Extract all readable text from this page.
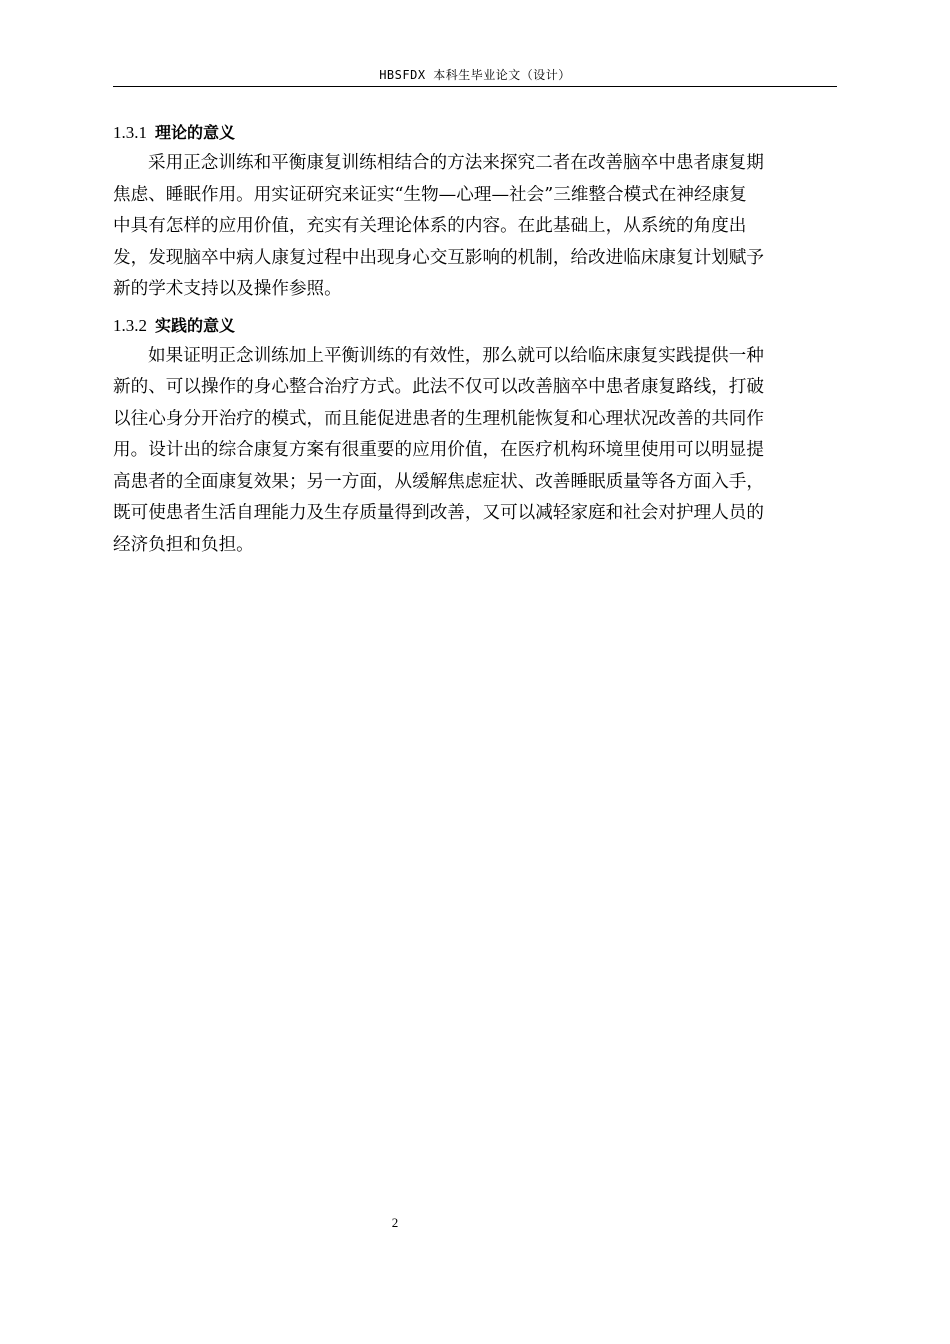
HBSFDX 本科生毕业论文（设计）
1.3.1 理论的意义
采用正念训练和平衡康复训练相结合的方法来探究二者在改善脑卒中患者康复期
焦虑、睡眠作用。用实证研究来证实“生物—心理—社会”三维整合模式在神经康复
中具有怎样的应用价值，充实有关理论体系的内容。在此基础上，从系统的角度出
发，发现脑卒中病人康复过程中出现身心交互影响的机制，给改进临床康复计划赋予
新的学术支持以及操作参照。
1.3.2 实践的意义
如果证明正念训练加上平衡训练的有效性，那么就可以给临床康复实践提供一种
新的、可以操作的身心整合治疗方式。此法不仅可以改善脑卒中患者康复路线，打破
以往心身分开治疗的模式，而且能促进患者的生理机能恢复和心理状况改善的共同作
用。设计出的综合康复方案有很重要的应用价值，在医疗机构环境里使用可以明显提
高患者的全面康复效果；另一方面，从缓解焦虑症状、改善睡眠质量等各方面入手，
既可使患者生活自理能力及生存质量得到改善，又可以减轻家庭和社会对护理人员的
经济负担和负担。
2
